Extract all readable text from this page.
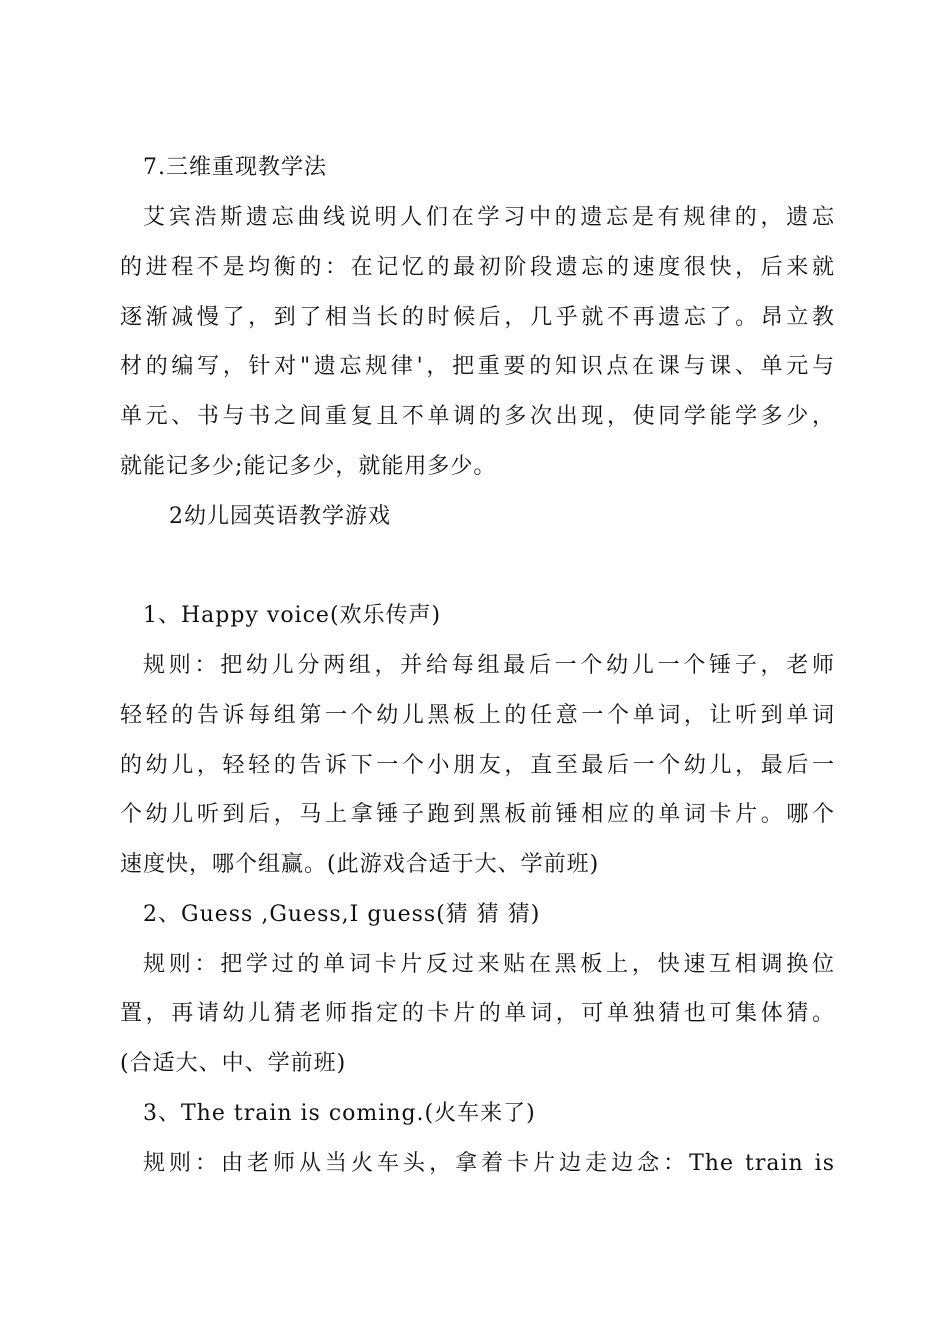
7.三维重现教学法
艾宾浩斯遗忘曲线说明人们在学习中的遗忘是有规律的，遗忘
的进程不是均衡的：在记忆的最初阶段遗忘的速度很快，后来就
逐渐减慢了，到了相当长的时候后，几乎就不再遗忘了。昂立教
材的编写，针对"遗忘规律'，把重要的知识点在课与课、单元与
单元、书与书之间重复且不单调的多次出现，使同学能学多少，
就能记多少;能记多少，就能用多少。
2幼儿园英语教学游戏
1、Happy voice(欢乐传声)
规则：把幼儿分两组，并给每组最后一个幼儿一个锤子，老师
轻轻的告诉每组第一个幼儿黑板上的任意一个单词，让听到单词
的幼儿，轻轻的告诉下一个小朋友，直至最后一个幼儿，最后一
个幼儿听到后，马上拿锤子跑到黑板前锤相应的单词卡片。哪个
速度快，哪个组赢。(此游戏合适于大、学前班)
2、Guess ,Guess,I guess(猜 猜 猜)
规则：把学过的单词卡片反过来贴在黑板上，快速互相调换位
置，再请幼儿猜老师指定的卡片的单词，可单独猜也可集体猜。
(合适大、中、学前班)
3、The train is coming.(火车来了)
规则：由老师从当火车头，拿着卡片边走边念：The train is
